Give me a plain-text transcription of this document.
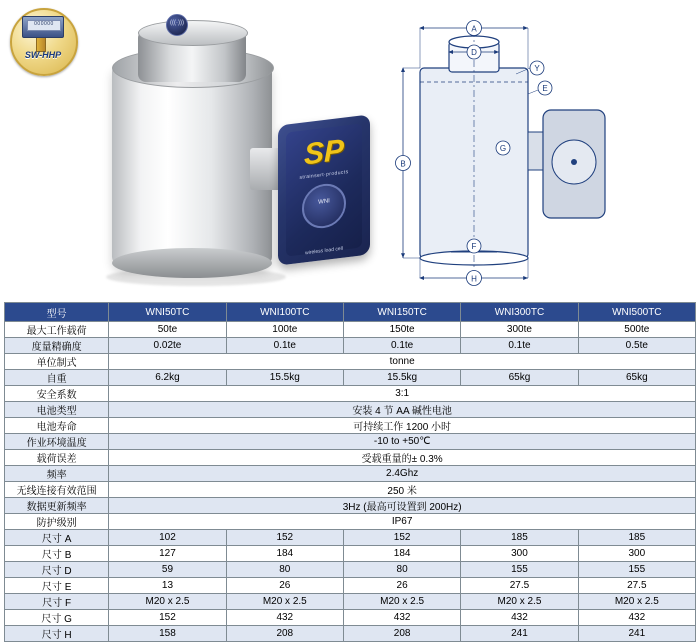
000000
SW-HHP
SP
strainsert·products
WNI
wireless load cell
(((·)))
A
D
Y
E
G
B
F
H
型号	WNI50TC	WNI100TC	WNI150TC	WNI300TC	WNI500TC
最大工作载荷	50te	100te	150te	300te	500te
度量精确度	0.02te	0.1te	0.1te	0.1te	0.5te
单位制式	tonne				
自重	6.2kg	15.5kg	15.5kg	65kg	65kg
安全系数	3:1				
电池类型	安装 4 节 AA 碱性电池				
电池寿命	可持续工作 1200 小时				
作业环境温度	-10 to +50℃				
载荷误差	受载重量的± 0.3%				
频率	2.4Ghz				
无线连接有效范围	250 米				
数据更新频率	3Hz (最高可设置到 200Hz)				
防护级别	IP67				
尺寸 A	102	152	152	185	185
尺寸 B	127	184	184	300	300
尺寸 D	59	80	80	155	155
尺寸 E	13	26	26	27.5	27.5
尺寸 F	M20 x 2.5	M20 x 2.5	M20 x 2.5	M20 x 2.5	M20 x 2.5
尺寸 G	152	432	432	432	432
尺寸 H	158	208	208	241	241
